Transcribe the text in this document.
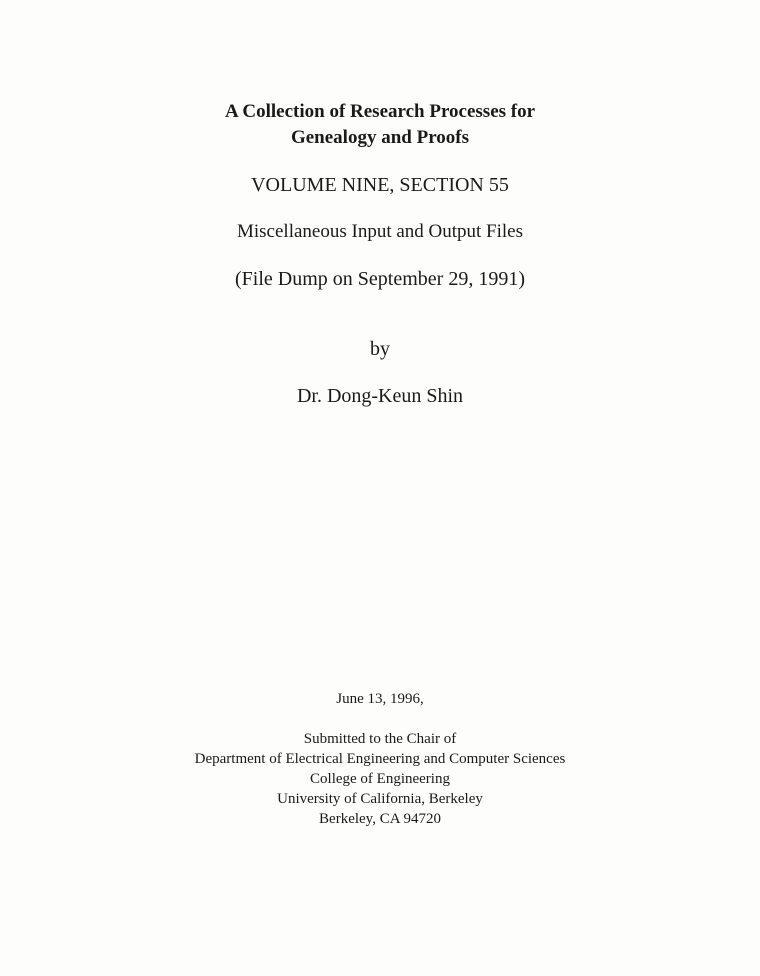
A Collection of Research Processes for
Genealogy and Proofs
VOLUME NINE, SECTION 55
Miscellaneous Input and Output Files
(File Dump on September 29, 1991)
by
Dr. Dong-Keun Shin
June 13, 1996,
Submitted to the Chair of
Department of Electrical Engineering and Computer Sciences
College of Engineering
University of California, Berkeley
Berkeley, CA 94720
